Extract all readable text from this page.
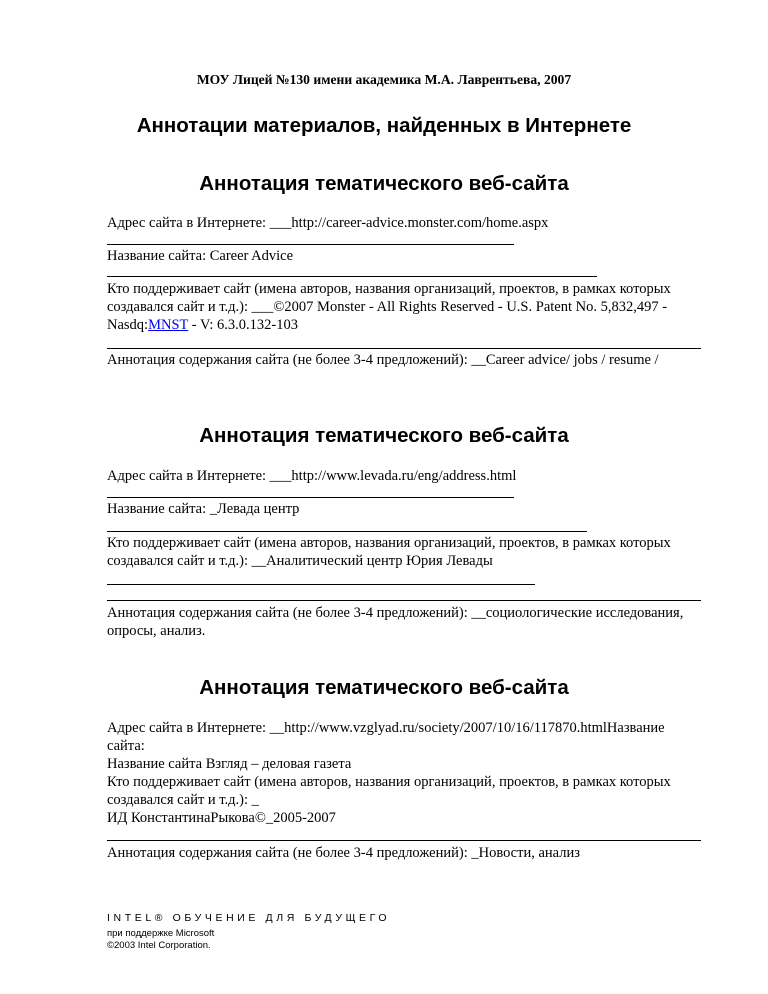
МОУ Лицей №130 имени академика М.А. Лаврентьева, 2007
Аннотации материалов, найденных в Интернете
Аннотация тематического веб-сайта
Адрес сайта в Интернете: ___http://career-advice.monster.com/home.aspx
Название сайта: Career Advice
Кто поддерживает сайт (имена авторов, названия организаций, проектов, в рамках которых
создавался сайт и т.д.): ___©2007 Monster - All Rights Reserved - U.S. Patent No. 5,832,497 -
Nasdq:MNST - V: 6.3.0.132-103
Аннотация содержания сайта (не более 3-4 предложений): __Career advice/ jobs / resume /
Аннотация тематического веб-сайта
Адрес сайта в Интернете: ___http://www.levada.ru/eng/address.html
Название сайта: _Левада центр
Кто поддерживает сайт (имена авторов, названия организаций, проектов, в рамках которых
создавался сайт и т.д.): __Аналитический центр Юрия Левады
Аннотация содержания сайта (не более 3-4 предложений): __социологические исследования,
опросы, анализ.
Аннотация тематического веб-сайта
Адрес сайта в Интернете: __http://www.vzglyad.ru/society/2007/10/16/117870.htmlНазвание
сайта:
Название сайта Взгляд – деловая газета
Кто поддерживает сайт (имена авторов, названия организаций, проектов, в рамках которых
создавался сайт и т.д.): _
ИД КонстантинаРыкова©_2005-2007
Аннотация содержания сайта (не более 3-4 предложений): _Новости, анализ
INTEL® ОБУЧЕНИЕ ДЛЯ БУДУЩЕГО
при поддержке Microsoft
©2003 Intel Corporation.
